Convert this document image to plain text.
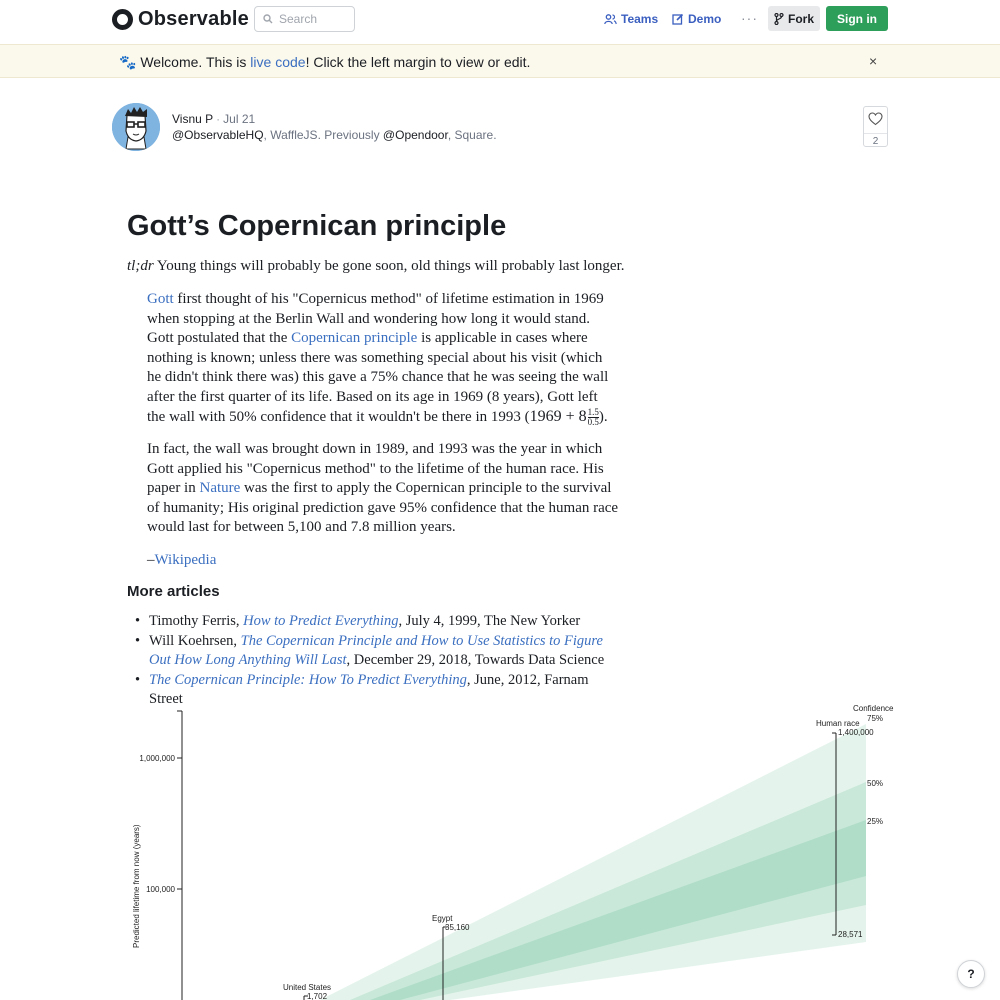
Observable
Search	Teams Demo ··· Fork	Sign in
🐾 Welcome. This is live code! Click the left margin to view or edit.	×
Visnu P · Jul 21
@ObservableHQ, WaffleJS. Previously @Opendoor, Square.	2
Gott’s Copernican principle
tl;dr Young things will probably be gone soon, old things will probably last longer.
Gott first thought of his "Copernicus method" of lifetime estimation in 1969 when stopping at the Berlin Wall and wondering how long it would stand. Gott postulated that the Copernican principle is applicable in cases where nothing is known; unless there was something special about his visit (which he didn't think there was) this gave a 75% chance that he was seeing the wall after the first quarter of its life. Based on its age in 1969 (8 years), Gott left the wall with 50% confidence that it wouldn't be there in 1993 ($1969 + 8 \frac{1.5}{0.5}$ ).
In fact, the wall was brought down in 1989, and 1993 was the year in which Gott applied his "Copernicus method" to the lifetime of the human race. His paper in Nature was the first to apply the Copernican principle to the survival of humanity; His original prediction gave 95% confidence that the human race would last for between 5,100 and 7.8 million years.
–Wikipedia
More articles
• Timothy Ferris, How to Predict Everything, July 4, 1999, The New Yorker
• Will Koehrsen, The Copernican Principle and How to Use Statistics to Figure Out How Long Anything Will Last, December 29, 2018, Towards Data Science
• The Copernican Principle: How To Predict Everything, June, 2012, Farnam Street
100,000
1,000,000
Predicted lifetime from now (years)
Confidence
75%
50%
25%
Human race
1,400,000
28,571
Egypt
35,160
United States
1,702
?
